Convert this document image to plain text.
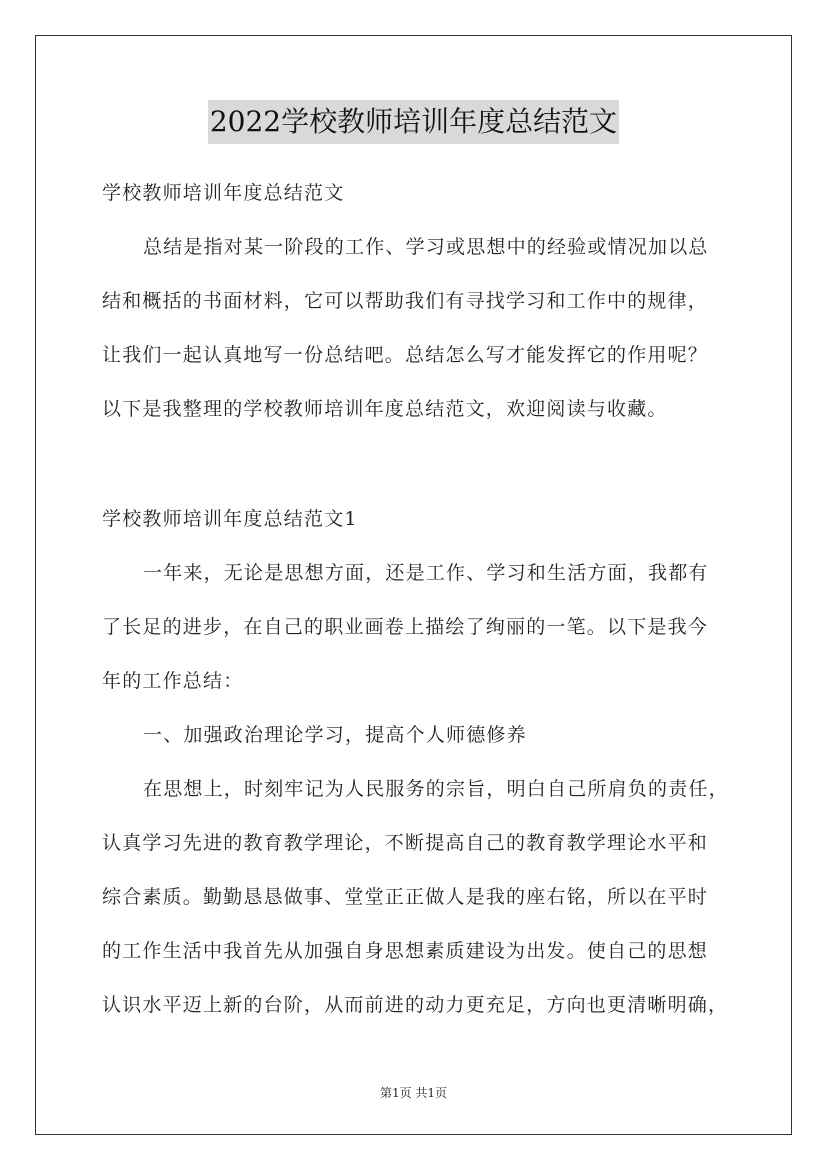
2022学校教师培训年度总结范文
学校教师培训年度总结范文
总结是指对某一阶段的工作、学习或思想中的经验或情况加以总
结和概括的书面材料，它可以帮助我们有寻找学习和工作中的规律，
让我们一起认真地写一份总结吧。总结怎么写才能发挥它的作用呢？
以下是我整理的学校教师培训年度总结范文，欢迎阅读与收藏。
学校教师培训年度总结范文1
一年来，无论是思想方面，还是工作、学习和生活方面，我都有
了长足的进步，在自己的职业画卷上描绘了绚丽的一笔。以下是我今
年的工作总结：
一、加强政治理论学习，提高个人师德修养
在思想上，时刻牢记为人民服务的宗旨，明白自己所肩负的责任，
认真学习先进的教育教学理论，不断提高自己的教育教学理论水平和
综合素质。勤勤恳恳做事、堂堂正正做人是我的座右铭，所以在平时
的工作生活中我首先从加强自身思想素质建设为出发。使自己的思想
认识水平迈上新的台阶，从而前进的动力更充足，方向也更清晰明确，
第1页 共1页
